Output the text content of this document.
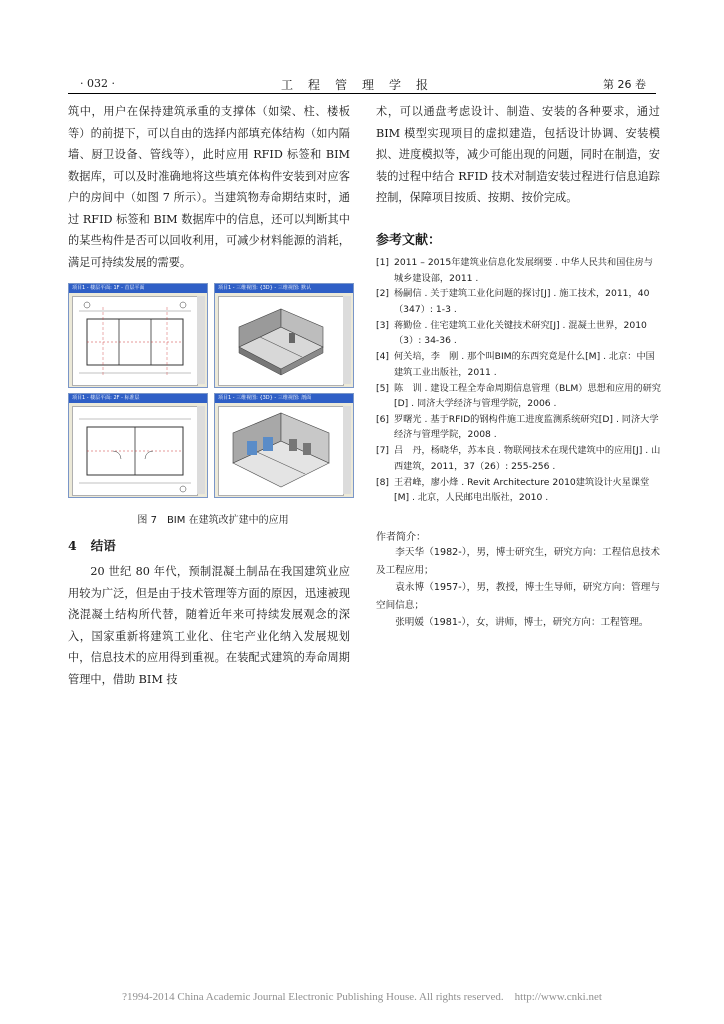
· 032 ·	工程管理学报	第 26 卷

筑中，用户在保持建筑承重的支撑体（如梁、柱、楼板等）的前提下，可以自由的选择内部填充体结构（如内隔墙、厨卫设备、管线等），此时应用 RFID 标签和 BIM 数据库，可以及时准确地将这些填充体构件安装到对应客户的房间中（如图 7 所示）。当建筑物寿命期结束时，通过 RFID 标签和 BIM 数据库中的信息，还可以判断其中的某些构件是否可以回收利用，可减少材料能源的消耗，满足可持续发展的需要。

项目1 - 楼层平面: 1F - 首层平面	项目1 - 三维视图: {3D} - 三维视图: 默认
项目1 - 楼层平面: 2F - 标准层	项目1 - 三维视图: {3D} - 三维视图: 剖面
图 7　BIM 在建筑改扩建中的应用
4 结语

20 世纪 80 年代，预制混凝土制品在我国建筑业应用较为广泛，但是由于技术管理等方面的原因，迅速被现浇混凝土结构所代替，随着近年来可持续发展观念的深入，国家重新将建筑工业化、住宅产业化纳入发展规划中，信息技术的应用得到重视。在装配式建筑的寿命周期管理中，借助 BIM 技

术，可以通盘考虑设计、制造、安装的各种要求，通过 BIM 模型实现项目的虚拟建造，包括设计协调、安装模拟、进度模拟等，减少可能出现的问题，同时在制造，安装的过程中结合 RFID 技术对制造安装过程进行信息追踪控制，保障项目按质、按期、按价完成。

参考文献：
[1] 2011 – 2015年建筑业信息化发展纲要 . 中华人民共和国住房与城乡建设部，2011 .
[2] 杨嗣信 . 关于建筑工业化问题的探讨[J] . 施工技术，2011，40（347）: 1-3 .
[3] 蒋勤俭 . 住宅建筑工业化关键技术研究[J] . 混凝土世界，2010（3）: 34-36 .
[4] 何关培，李　刚 . 那个叫BIM的东西究竟是什么[M] . 北京：中国建筑工业出版社，2011 .
[5] 陈　训 . 建设工程全寿命周期信息管理（BLM）思想和应用的研究[D] . 同济大学经济与管理学院，2006 .
[6] 罗曙光 . 基于RFID的钢构件施工进度监测系统研究[D] . 同济大学经济与管理学院，2008 .
[7] 吕　丹，杨晓华，苏本良 . 物联网技术在现代建筑中的应用[J] . 山西建筑，2011，37（26）: 255-256 .
[8] 王君峰，廖小烽 . Revit Architecture 2010建筑设计火星课堂[M] . 北京，人民邮电出版社，2010 .
作者简介：

李天华（1982-），男，博士研究生，研究方向：工程信息技术及工程应用；

袁永博（1957-），男，教授，博士生导师，研究方向：管理与空间信息；

张明媛（1981-），女，讲师，博士，研究方向：工程管理。

?1994-2014 China Academic Journal Electronic Publishing House. All rights reserved.　http://www.cnki.net
